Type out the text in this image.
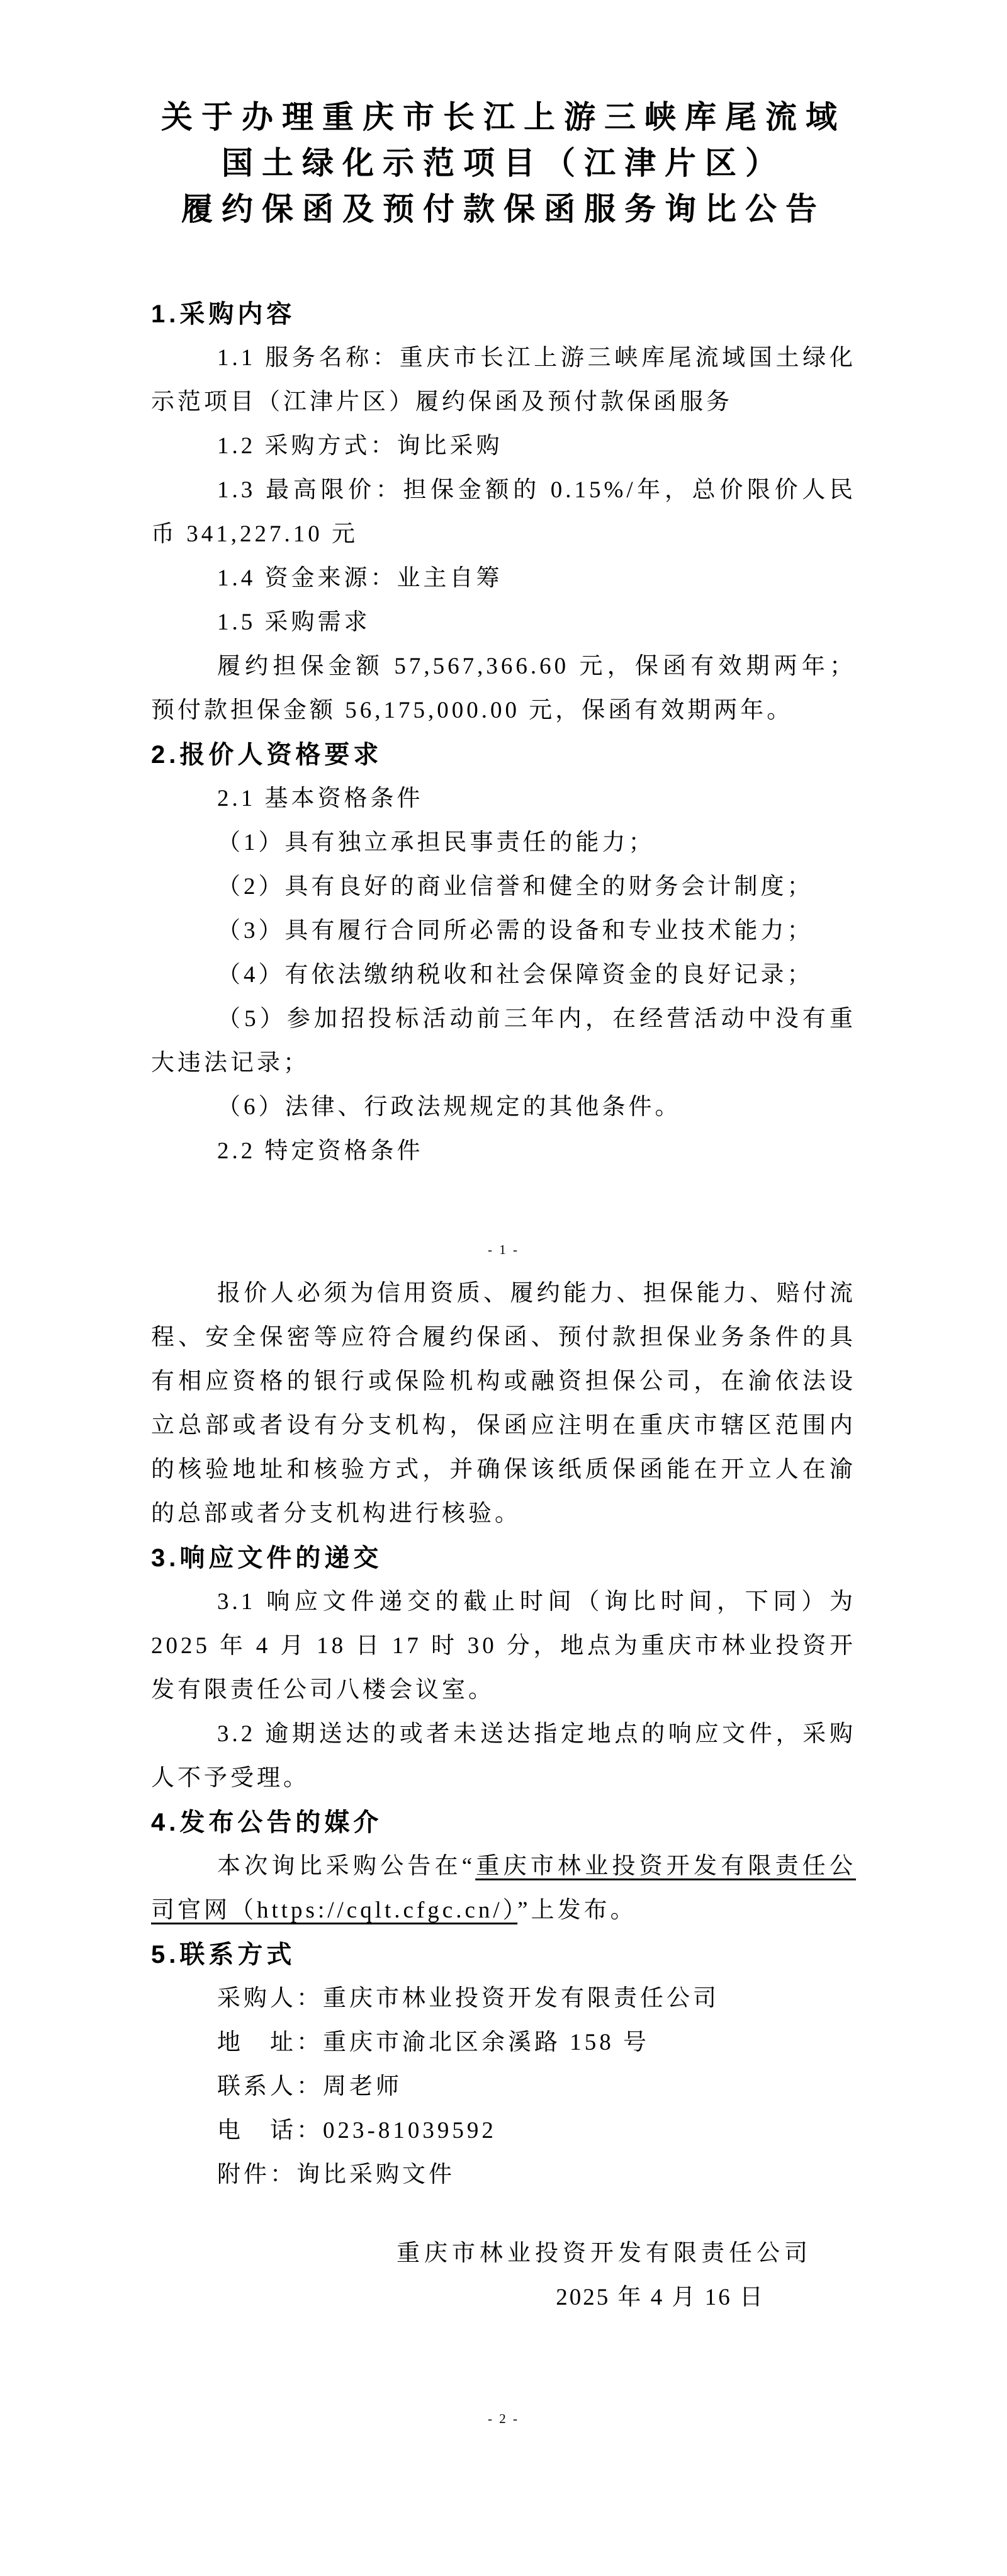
关于办理重庆市长江上游三峡库尾流域
国土绿化示范项目（江津片区）
履约保函及预付款保函服务询比公告
1.采购内容

1.1 服务名称：重庆市长江上游三峡库尾流域国土绿化示范项目（江津片区）履约保函及预付款保函服务

1.2 采购方式：询比采购

1.3 最高限价：担保金额的 0.15%/年，总价限价人民币 341,227.10 元

1.4 资金来源：业主自筹

1.5 采购需求

履约担保金额 57,567,366.60 元，保函有效期两年；预付款担保金额 56,175,000.00 元，保函有效期两年。

2.报价人资格要求

2.1 基本资格条件

（1）具有独立承担民事责任的能力；

（2）具有良好的商业信誉和健全的财务会计制度；

（3）具有履行合同所必需的设备和专业技术能力；

（4）有依法缴纳税收和社会保障资金的良好记录；

（5）参加招投标活动前三年内，在经营活动中没有重大违法记录；

（6）法律、行政法规规定的其他条件。

2.2 特定资格条件

- 1 -

报价人必须为信用资质、履约能力、担保能力、赔付流程、安全保密等应符合履约保函、预付款担保业务条件的具有相应资格的银行或保险机构或融资担保公司，在渝依法设立总部或者设有分支机构，保函应注明在重庆市辖区范围内的核验地址和核验方式，并确保该纸质保函能在开立人在渝的总部或者分支机构进行核验。

3.响应文件的递交

3.1 响应文件递交的截止时间（询比时间，下同）为 2025 年 4 月 18 日 17 时 30 分，地点为重庆市林业投资开发有限责任公司八楼会议室。

3.2 逾期送达的或者未送达指定地点的响应文件，采购人不予受理。

4.发布公告的媒介

本次询比采购公告在“重庆市林业投资开发有限责任公司官网（https://cqlt.cfgc.cn/）”上发布。

5.联系方式

采购人：重庆市林业投资开发有限责任公司

地　址：重庆市渝北区余溪路 158 号

联系人：周老师

电　话：023-81039592

附件：询比采购文件

重庆市林业投资开发有限责任公司

2025 年 4 月 16 日

- 2 -
